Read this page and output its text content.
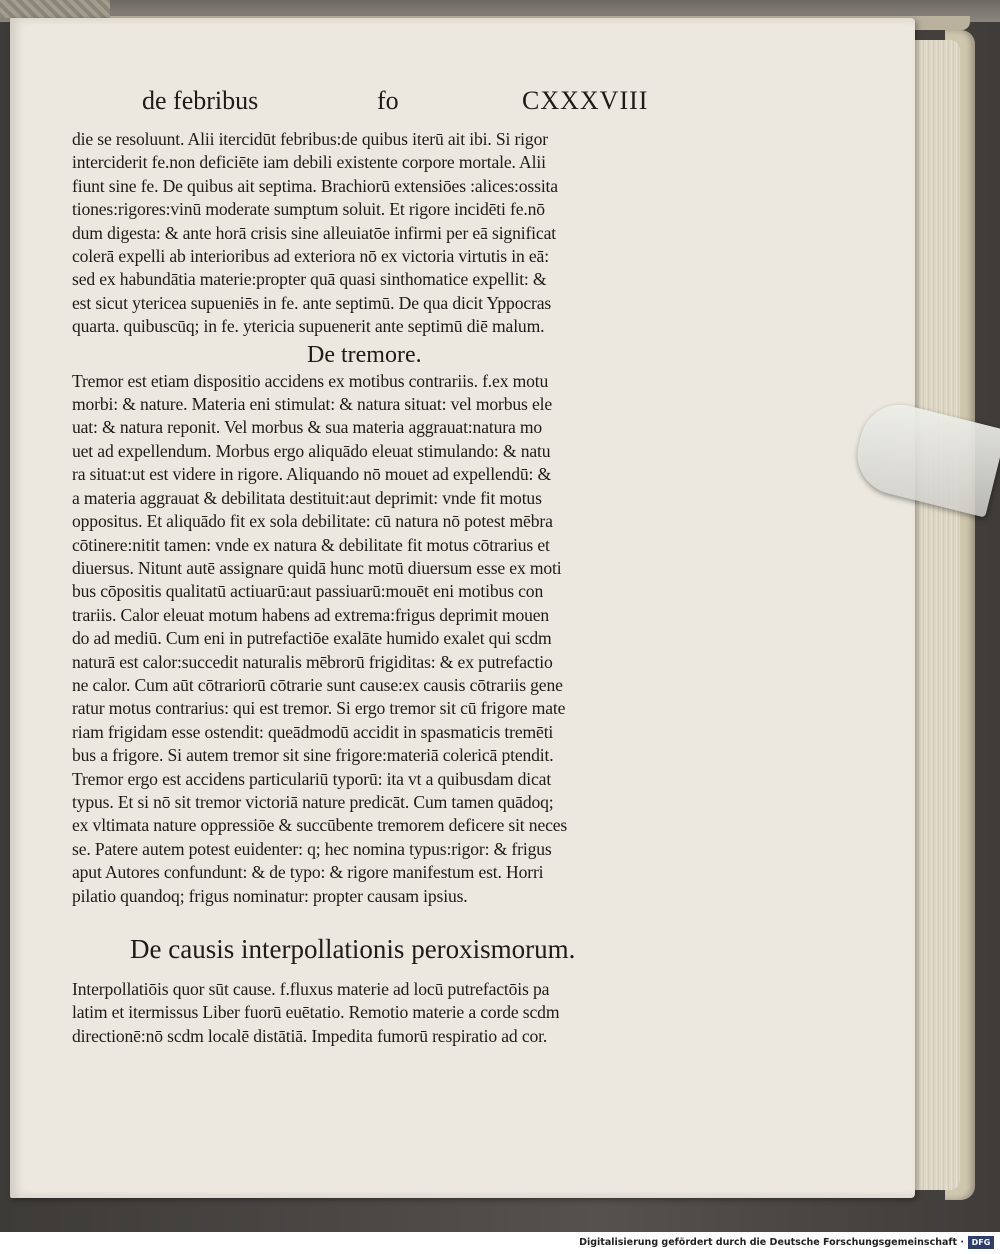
de febribus	fo	CXXXVIII
die se resoluunt. Alii itercidūt febribus:de quibus iterū ait ibi. Si rigor
interciderit fe.non deficiēte iam debili existente corpore mortale. Alii
fiunt sine fe. De quibus ait septima. Brachiorū extensiōes :alices:ossita
tiones:rigores:vinū moderate sumptum soluit. Et rigore incidēti fe.nō
dum digesta: & ante horā crisis sine alleuiatōe infirmi per eā significat
colerā expelli ab interioribus ad exteriora nō ex victoria virtutis in eā:
sed ex habundātia materie:propter quā quasi sinthomatice expellit: &
est sicut ytericea supueniēs in fe. ante septimū. De qua dicit Yppocras
quarta. quibuscūq; in fe. ytericia supuenerit ante septimū diē malum.
De tremore.
Tremor est etiam dispositio accidens ex motibus contrariis. f.ex motu
morbi: & nature. Materia eni stimulat: & natura situat: vel morbus ele
uat: & natura reponit. Vel morbus & sua materia aggrauat:natura mo
uet ad expellendum. Morbus ergo aliquādo eleuat stimulando: & natu
ra situat:ut est videre in rigore. Aliquando nō mouet ad expellendū: &
a materia aggrauat & debilitata destituit:aut deprimit: vnde fit motus
oppositus. Et aliquādo fit ex sola debilitate: cū natura nō potest mēbra
cōtinere:nitit tamen: vnde ex natura & debilitate fit motus cōtrarius et
diuersus. Nitunt autē assignare quidā hunc motū diuersum esse ex moti
bus cōpositis qualitatū actiuarū:aut passiuarū:mouēt eni motibus con
trariis. Calor eleuat motum habens ad extrema:frigus deprimit mouen
do ad mediū. Cum eni in putrefactiōe exalāte humido exalet qui scdm
naturā est calor:succedit naturalis mēbrorū frigiditas: & ex putrefactio
ne calor. Cum aūt cōtrariorū cōtrarie sunt cause:ex causis cōtrariis gene
ratur motus contrarius: qui est tremor. Si ergo tremor sit cū frigore mate
riam frigidam esse ostendit: queādmodū accidit in spasmaticis tremēti
bus a frigore. Si autem tremor sit sine frigore:materiā colericā ptendit.
Tremor ergo est accidens particulariū typorū: ita vt a quibusdam dicat
typus. Et si nō sit tremor victoriā nature predicāt. Cum tamen quādoq;
ex vltimata nature oppressiōe & succūbente tremorem deficere sit neces
se. Patere autem potest euidenter: q; hec nomina typus:rigor: & frigus
aput Autores confundunt: & de typo: & rigore manifestum est. Horri
pilatio quandoq; frigus nominatur: propter causam ipsius.
De causis interpollationis peroxismorum.
Interpollatiōis quor sūt cause. f.fluxus materie ad locū putrefactōis pa
latim et itermissus Liber fuorū euētatio. Remotio materie a corde scdm
directionē:nō scdm localē distātiā. Impedita fumorū respiratio ad cor.
Digitalisierung gefördert durch die Deutsche Forschungsgemeinschaft · DFG
